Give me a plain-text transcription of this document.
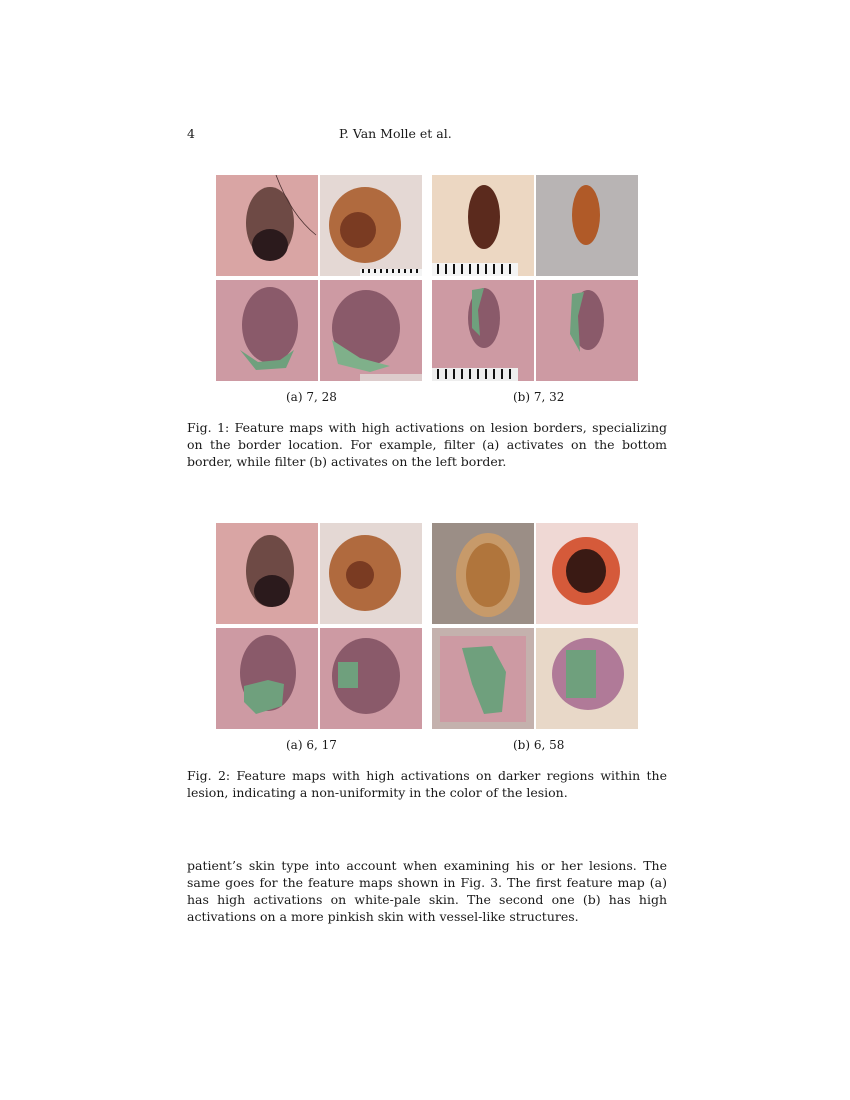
4	P. Van Molle et al.
(a) 7, 28	(b) 7, 32
Fig. 1: Feature maps with high activations on lesion borders, specializing on the border location. For example, filter (a) activates on the bottom border, while filter (b) activates on the left border.
(a) 6, 17	(b) 6, 58
Fig. 2: Feature maps with high activations on darker regions within the lesion, indicating a non-uniformity in the color of the lesion.
patient’s skin type into account when examining his or her lesions. The same goes for the feature maps shown in Fig. 3. The first feature map (a) has high activations on white-pale skin. The second one (b) has high activations on a more pinkish skin with vessel-like structures.
